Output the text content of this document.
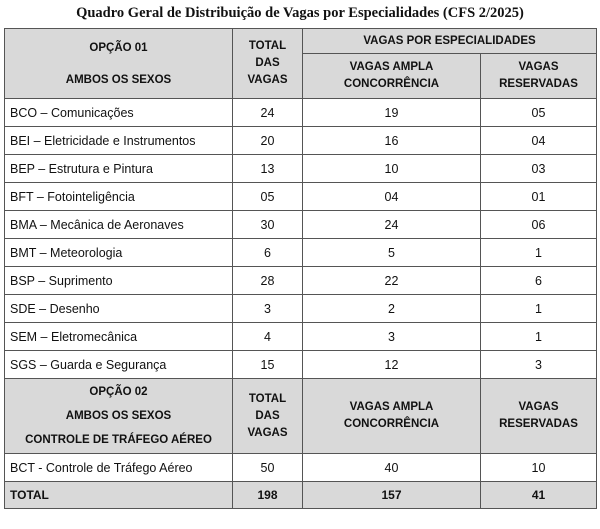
Quadro Geral de Distribuição de Vagas por Especialidades (CFS 2/2025)
OPÇÃO 01
AMBOS OS SEXOS	TOTAL DAS VAGAS	VAGAS POR ESPECIALIDADES	
		VAGAS AMPLA CONCORRÊNCIA	VAGAS RESERVADAS
BCO – Comunicações	24	19	05
BEI – Eletricidade e Instrumentos	20	16	04
BEP – Estrutura e Pintura	13	10	03
BFT – Fotointeligência	05	04	01
BMA – Mecânica de Aeronaves	30	24	06
BMT – Meteorologia	6	5	1
BSP – Suprimento	28	22	6
SDE – Desenho	3	2	1
SEM – Eletromecânica	4	3	1
SGS – Guarda e Segurança	15	12	3

OPÇÃO 02
AMBOS OS SEXOS
CONTROLE DE TRÁFEGO AÉREO	TOTAL DAS VAGAS	VAGAS AMPLA CONCORRÊNCIA	VAGAS RESERVADAS
BCT - Controle de Tráfego Aéreo	50	40	10
TOTAL	198	157	41
